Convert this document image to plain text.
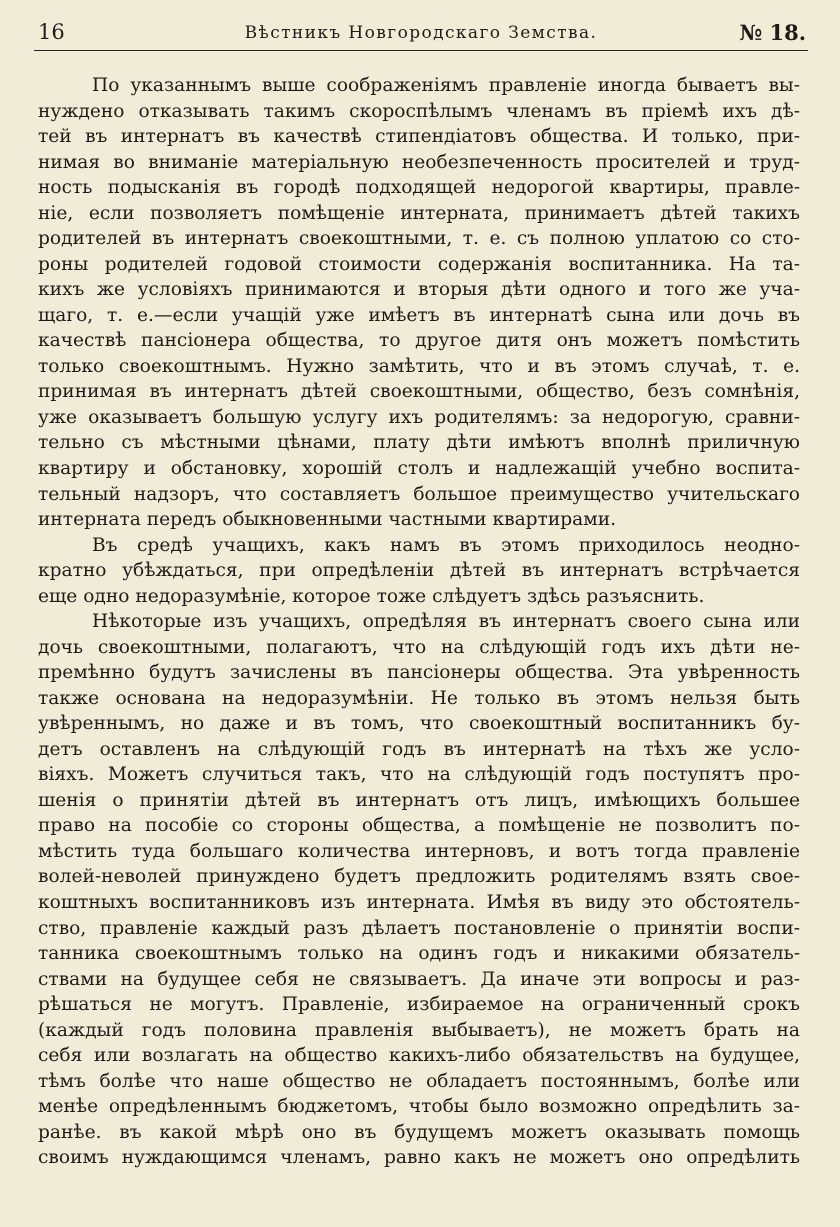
16	Вѣстникъ Новгородскаго Земства.	№ 18.
По указаннымъ выше соображеніямъ правленіе иногда бываетъ вы-
нуждено отказывать такимъ скороспѣлымъ членамъ въ пріемѣ ихъ дѣ-
тей въ интернатъ въ качествѣ стипендіатовъ общества. И только, при-
нимая во вниманіе матеріальную необезпеченность просителей и труд-
ность подысканія въ городѣ подходящей недорогой квартиры, правле-
ніе, если позволяетъ помѣщеніе интерната, принимаетъ дѣтей такихъ
родителей въ интернатъ своекоштными, т. е. съ полною уплатою со сто-
роны родителей годовой стоимости содержанія воспитанника. На та-
кихъ же условіяхъ принимаются и вторыя дѣти одного и того же уча-
щаго, т. е.—если учащій уже имѣетъ въ интернатѣ сына или дочь въ
качествѣ пансіонера общества, то другое дитя онъ можетъ помѣстить
только своекоштнымъ. Нужно замѣтить, что и въ этомъ случаѣ, т. е.
принимая въ интернатъ дѣтей своекоштными, общество, безъ сомнѣнія,
уже оказываетъ большую услугу ихъ родителямъ: за недорогую, сравни-
тельно съ мѣстными цѣнами, плату дѣти имѣютъ вполнѣ приличную
квартиру и обстановку, хорошій столъ и надлежащій учебно воспита-
тельный надзоръ, что составляетъ большое преимущество учительскаго
интерната передъ обыкновенными частными квартирами.
Въ средѣ учащихъ, какъ намъ въ этомъ приходилось неодно-
кратно убѣждаться, при опредѣленіи дѣтей въ интернатъ встрѣчается
еще одно недоразумѣніе, которое тоже слѣдуетъ здѣсь разъяснить.
Нѣкоторые изъ учащихъ, опредѣляя въ интернатъ своего сына или
дочь своекоштными, полагаютъ, что на слѣдующій годъ ихъ дѣти не-
премѣнно будутъ зачислены въ пансіонеры общества. Эта увѣренность
также основана на недоразумѣніи. Не только въ этомъ нельзя быть
увѣреннымъ, но даже и въ томъ, что своекоштный воспитанникъ бу-
детъ оставленъ на слѣдующій годъ въ интернатѣ на тѣхъ же усло-
віяхъ. Можетъ случиться такъ, что на слѣдующій годъ поступятъ про-
шенія о принятіи дѣтей въ интернатъ отъ лицъ, имѣющихъ большее
право на пособіе со стороны общества, а помѣщеніе не позволитъ по-
мѣстить туда большаго количества интерновъ, и вотъ тогда правленіе
волей-неволей принуждено будетъ предложить родителямъ взять свое-
коштныхъ воспитанниковъ изъ интерната. Имѣя въ виду это обстоятель-
ство, правленіе каждый разъ дѣлаетъ постановленіе о принятіи воспи-
танника своекоштнымъ только на одинъ годъ и никакими обязатель-
ствами на будущее себя не связываетъ. Да иначе эти вопросы и раз-
рѣшаться не могутъ. Правленіе, избираемое на ограниченный срокъ
(каждый годъ половина правленія выбываетъ), не можетъ брать на
себя или возлагать на общество какихъ-либо обязательствъ на будущее,
тѣмъ болѣе что наше общество не обладаетъ постояннымъ, болѣе или
менѣе опредѣленнымъ бюджетомъ, чтобы было возможно опредѣлить за-
ранѣе. въ какой мѣрѣ оно въ будущемъ можетъ оказывать помощь
своимъ нуждающимся членамъ, равно какъ не можетъ оно опредѣлить
